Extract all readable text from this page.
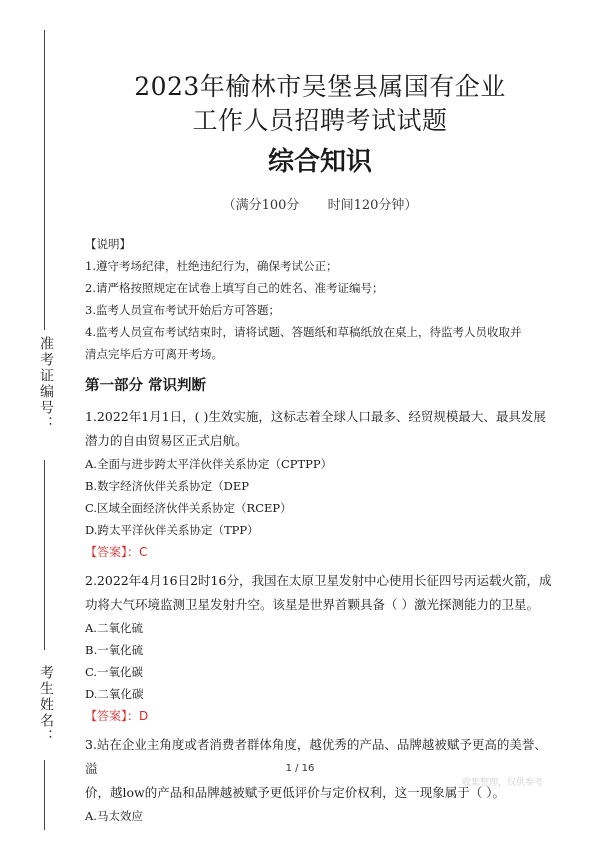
准考证编号：
考生姓名：
2023年榆林市吴堡县属国有企业
工作人员招聘考试试题
综合知识
（满分100分 时间120分钟）

【说明】

1.遵守考场纪律，杜绝违纪行为，确保考试公正；

2.请严格按照规定在试卷上填写自己的姓名、准考证编号；

3.监考人员宣布考试开始后方可答题；

4.监考人员宣布考试结束时，请将试题、答题纸和草稿纸放在桌上，待监考人员收取并

清点完毕后方可离开考场。

第一部分 常识判断
1.2022年1月1日，( )生效实施，这标志着全球人口最多、经贸规模最大、最具发展
潜力的自由贸易区正式启航。
A.全面与进步跨太平洋伙伴关系协定（CPTPP）
B.数字经济伙伴关系协定（DEP
C.区域全面经济伙伴关系协定（RCEP）
D.跨太平洋伙伴关系协定（TPP）
【答案】：C
2.2022年4月16日2时16分，我国在太原卫星发射中心使用长征四号丙运载火箭，成
功将大气环境监测卫星发射升空。该星是世界首颗具备（ ）激光探测能力的卫星。
A.二氧化硫
B.一氧化硫
C.一氧化碳
D.二氧化碳
【答案】：D
3.站在企业主角度或者消费者群体角度，越优秀的产品、品牌越被赋予更高的美誉、溢
价，越low的产品和品牌越被赋予更低评价与定价权利，这一现象属于（ ）。
A.马太效应
1 / 16
收集整理，仅供参考
